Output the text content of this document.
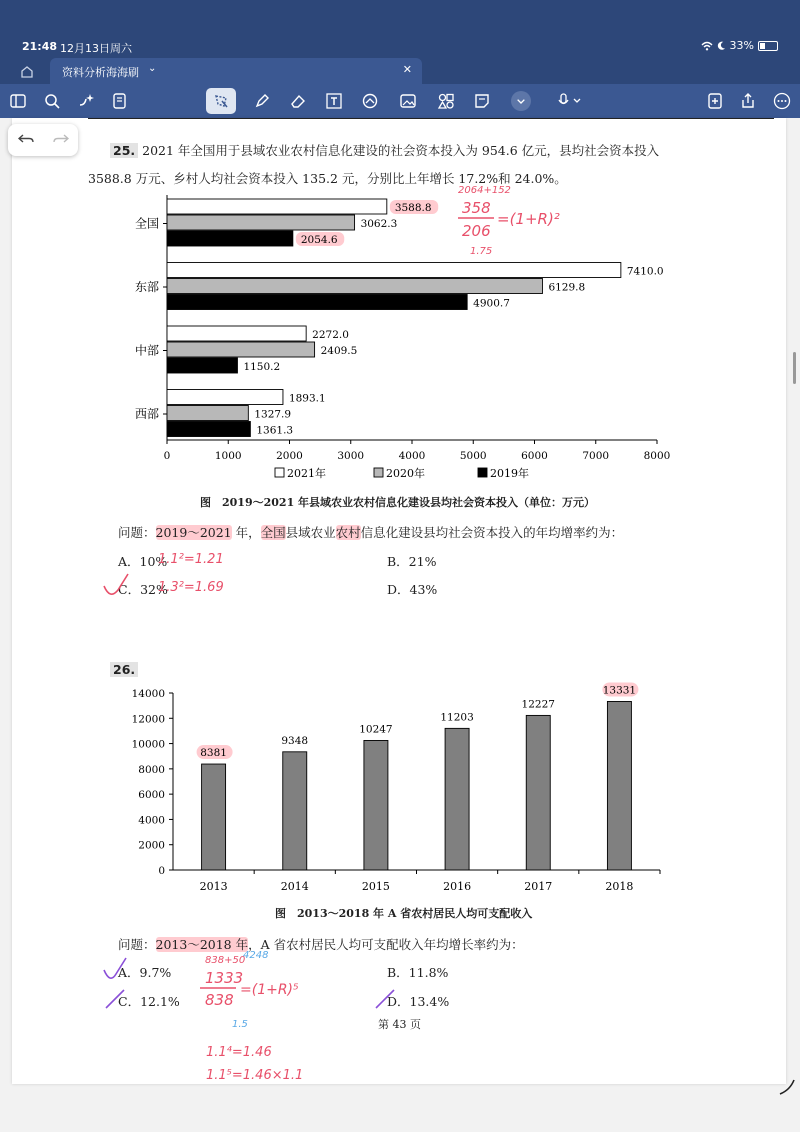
21:48 12月13日周六	33%
资料分析海海刷 ⌄	✕
25. 2021 年全国用于县域农业农村信息化建设的社会资本投入为 954.6 亿元，县均社会资本投入
3588.8 万元、乡村人均社会资本投入 135.2 元，分别比上年增长 17.2%和 24.0%。
0	1000	2000	3000	4000	5000	6000	7000	8000
全国
3588.8
3062.3
2054.6
东部
7410.0
6129.8
4900.7
中部
2272.0
2409.5
1150.2
西部
1893.1
1327.9
1361.3
2021年	2020年	2019年
图　2019～2021 年县域农业农村信息化建设县均社会资本投入（单位：万元）
问题：2019～2021 年，全国县域农业农村信息化建设县均社会资本投入的年均增率约为：
A．10%	B．21%
C．32%	D．43%
2064+152
358
206
=(1+R)²
1.75
1.1²=1.21
1.3²=1.69
26.
0
2000
4000
6000
8000
10000
12000
14000
2013
8381
2014
9348
2015
10247
2016
11203
2017
12227
2018
13331
图　2013～2018 年 A 省农村居民人均可支配收入
问题：2013～2018 年，A 省农村居民人均可支配收入年均增长率约为：
A．9.7%	B．11.8%
C．12.1%	D．13.4%
第 43 页
838+50
4248
1333
838
=(1+R)⁵
1.5
1.1⁴=1.46
1.1⁵=1.46×1.1
